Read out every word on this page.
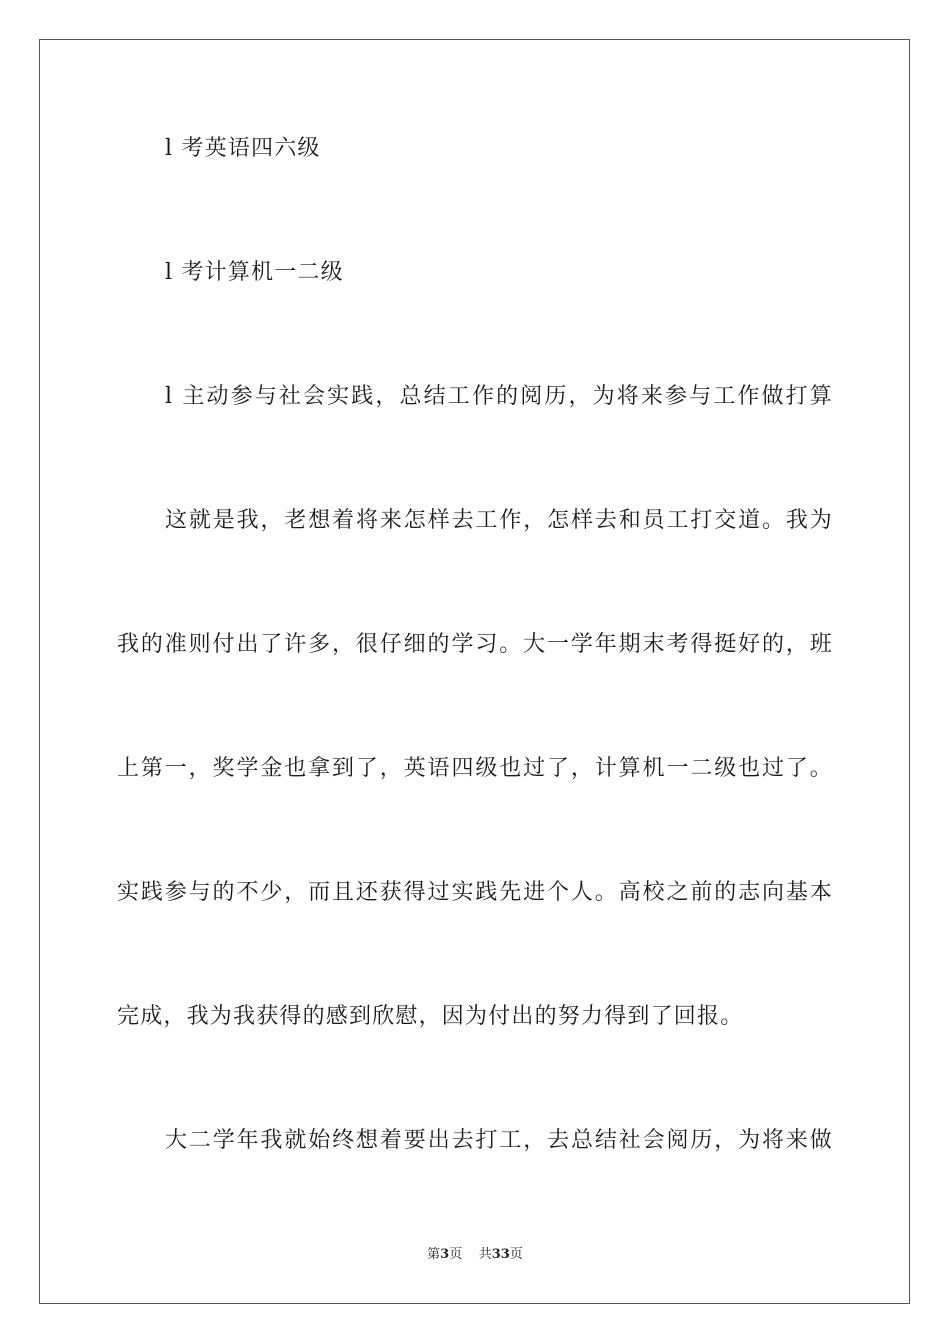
l 考英语四六级
l 考计算机一二级
l 主动参与社会实践，总结工作的阅历，为将来参与工作做打算
这就是我，老想着将来怎样去工作，怎样去和员工打交道。我为
我的准则付出了许多，很仔细的学习。大一学年期末考得挺好的，班
上第一，奖学金也拿到了，英语四级也过了，计算机一二级也过了。
实践参与的不少，而且还获得过实践先进个人。高校之前的志向基本
完成，我为我获得的感到欣慰，因为付出的努力得到了回报。
大二学年我就始终想着要出去打工，去总结社会阅历，为将来做
第3页 共33页
